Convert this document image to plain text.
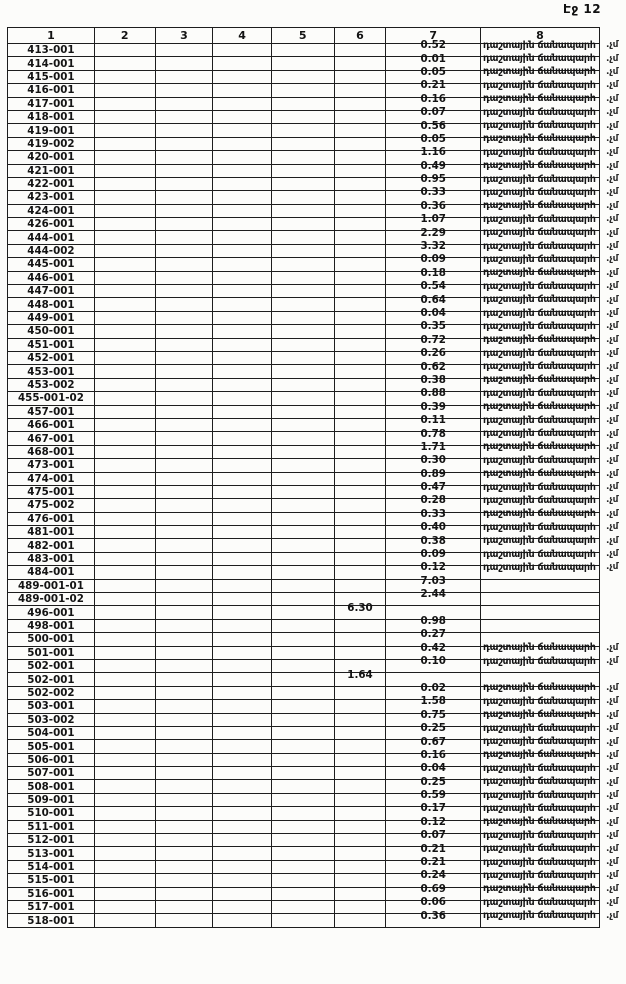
Էջ 12
1	2	3	4	5	6	7	8	
413-001						0.52	դաշտային ճանապարհ	.չմ
414-001						0.01	դաշտային ճանապարհ	.չմ
415-001						0.05	դաշտային ճանապարհ	.չմ
416-001						0.21	դաշտային ճանապարհ	.չմ
417-001						0.16	դաշտային ճանապարհ	.չմ
418-001						0.07	դաշտային ճանապարհ	.չմ
419-001						0.56	դաշտային ճանապարհ	.չմ
419-002						0.05	դաշտային ճանապարհ	.չմ
420-001						1.16	դաշտային ճանապարհ	.չմ
421-001						0.49	դաշտային ճանապարհ	.չմ
422-001						0.95	դաշտային ճանապարհ	.չմ
423-001						0.33	դաշտային ճանապարհ	.չմ
424-001						0.36	դաշտային ճանապարհ	.չմ
426-001						1.07	դաշտային ճանապարհ	.չմ
444-001						2.29	դաշտային ճանապարհ	.չմ
444-002						3.32	դաշտային ճանապարհ	.չմ
445-001						0.09	դաշտային ճանապարհ	.չմ
446-001						0.18	դաշտային ճանապարհ	.չմ
447-001						0.54	դաշտային ճանապարհ	.չմ
448-001						0.64	դաշտային ճանապարհ	.չմ
449-001						0.04	դաշտային ճանապարհ	.չմ
450-001						0.35	դաշտային ճանապարհ	.չմ
451-001						0.72	դաշտային ճանապարհ	.չմ
452-001						0.26	դաշտային ճանապարհ	.չմ
453-001						0.62	դաշտային ճանապարհ	.չմ
453-002						0.38	դաշտային ճանապարհ	.չմ
455-001-02						0.88	դաշտային ճանապարհ	.չմ
457-001						0.39	դաշտային ճանապարհ	.չմ
466-001						0.11	դաշտային ճանապարհ	.չմ
467-001						0.78	դաշտային ճանապարհ	.չմ
468-001						1.71	դաշտային ճանապարհ	.չմ
473-001						0.30	դաշտային ճանապարհ	.չմ
474-001						0.89	դաշտային ճանապարհ	.չմ
475-001						0.47	դաշտային ճանապարհ	.չմ
475-002						0.28	դաշտային ճանապարհ	.չմ
476-001						0.33	դաշտային ճանապարհ	.չմ
481-001						0.40	դաշտային ճանապարհ	.չմ
482-001						0.38	դաշտային ճանապարհ	.չմ
483-001						0.09	դաշտային ճանապարհ	.չմ
484-001						0.12	դաշտային ճանապարհ	.չմ
489-001-01						7.03		
489-001-02						2.44		
496-001					6.30			
498-001						0.98		
500-001						0.27		
501-001						0.42	դաշտային ճանապարհ	.չմ
502-001						0.10	դաշտային ճանապարհ	.չմ
502-001					1.64			
502-002						0.02	դաշտային ճանապարհ	.չմ
503-001						1.58	դաշտային ճանապարհ	.չմ
503-002						0.75	դաշտային ճանապարհ	.չմ
504-001						0.25	դաշտային ճանապարհ	.չմ
505-001						0.67	դաշտային ճանապարհ	.չմ
506-001						0.16	դաշտային ճանապարհ	.չմ
507-001						0.04	դաշտային ճանապարհ	.չմ
508-001						0.25	դաշտային ճանապարհ	.չմ
509-001						0.59	դաշտային ճանապարհ	.չմ
510-001						0.17	դաշտային ճանապարհ	.չմ
511-001						0.12	դաշտային ճանապարհ	.չմ
512-001						0.07	դաշտային ճանապարհ	.չմ
513-001						0.21	դաշտային ճանապարհ	.չմ
514-001						0.21	դաշտային ճանապարհ	.չմ
515-001						0.24	դաշտային ճանապարհ	.չմ
516-001						0.69	դաշտային ճանապարհ	.չմ
517-001						0.06	դաշտային ճանապարհ	.չմ
518-001						0.36	դաշտային ճանապարհ	.չմ
